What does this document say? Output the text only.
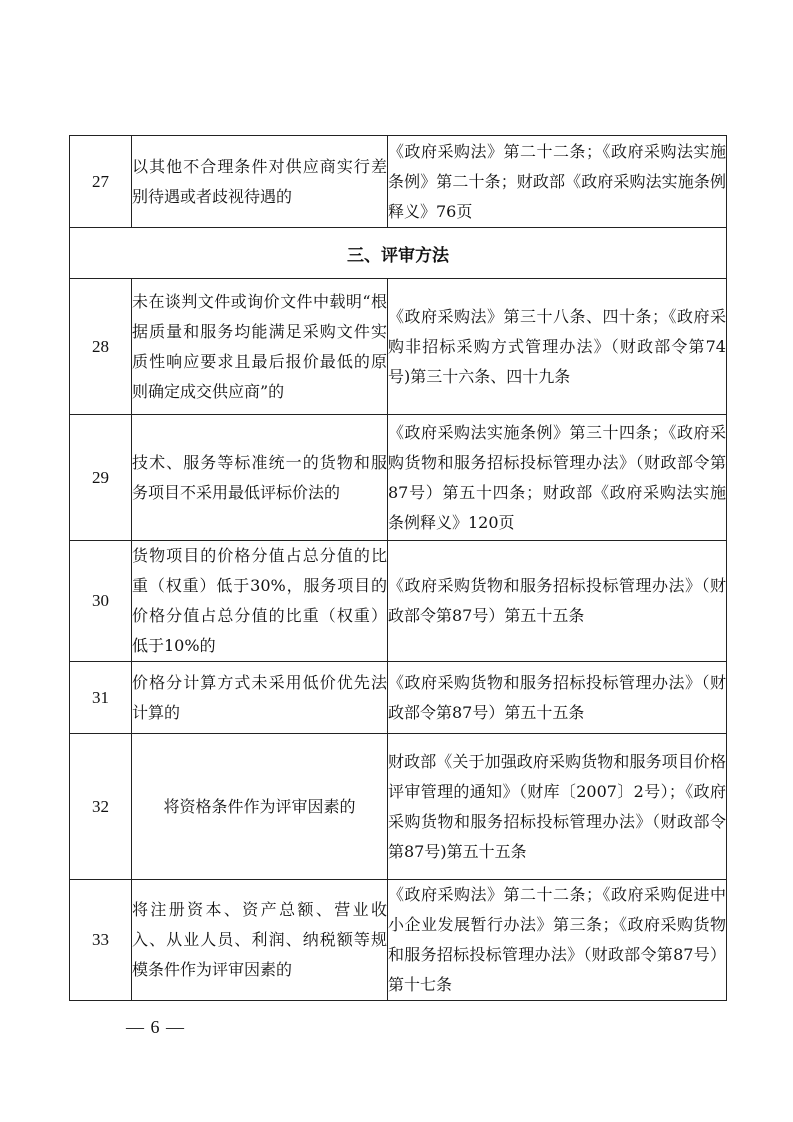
27	以其他不合理条件对供应商实行差别待遇或者歧视待遇的	《政府采购法》第二十二条；《政府采购法实施条例》第二十条；财政部《政府采购法实施条例释义》76页
三、评审方法		
28	未在谈判文件或询价文件中载明“根据质量和服务均能满足采购文件实质性响应要求且最后报价最低的原则确定成交供应商”的	《政府采购法》第三十八条、四十条；《政府采购非招标采购方式管理办法》（财政部令第74号)第三十六条、四十九条
29	技术、服务等标准统一的货物和服务项目不采用最低评标价法的	《政府采购法实施条例》第三十四条；《政府采购货物和服务招标投标管理办法》（财政部令第87号）第五十四条；财政部《政府采购法实施条例释义》120页
30	货物项目的价格分值占总分值的比重（权重）低于30%，服务项目的价格分值占总分值的比重（权重）低于10%的	《政府采购货物和服务招标投标管理办法》（财政部令第87号）第五十五条
31	价格分计算方式未采用低价优先法计算的	《政府采购货物和服务招标投标管理办法》（财政部令第87号）第五十五条
32	将资格条件作为评审因素的	财政部《关于加强政府采购货物和服务项目价格评审管理的通知》（财库〔2007〕2号）；《政府采购货物和服务招标投标管理办法》（财政部令第87号)第五十五条
33	将注册资本、资产总额、营业收入、从业人员、利润、纳税额等规模条件作为评审因素的	《政府采购法》第二十二条；《政府采购促进中小企业发展暂行办法》第三条；《政府采购货物和服务招标投标管理办法》（财政部令第87号）第十七条
— 6 —
